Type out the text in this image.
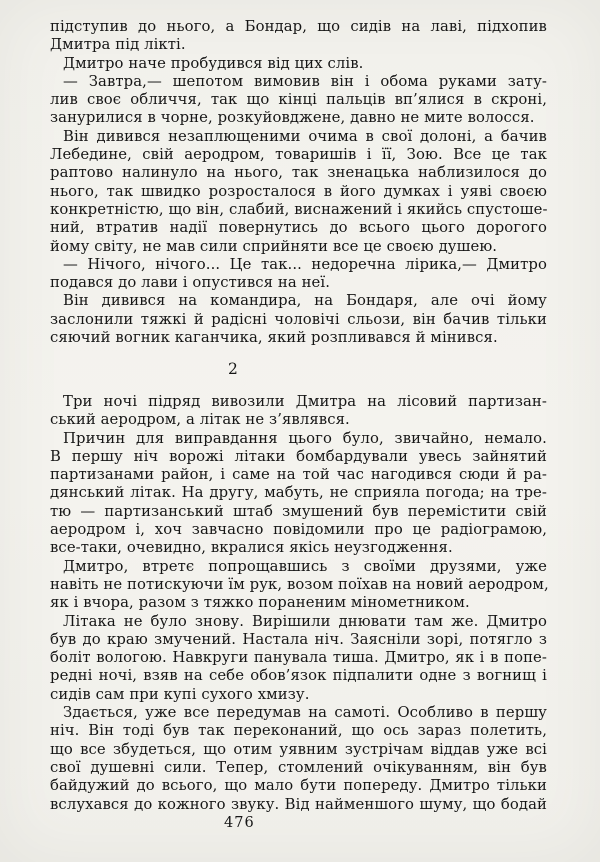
підступив до нього, а Бондар, що сидів на лаві, підхопив
Дмитра під лікті.
Дмитро наче пробудився від цих слів.
— Завтра,— шепотом вимовив він і обома руками зату-
лив своє обличчя, так що кінці пальців вп’ялися в скроні,
занурилися в чорне, розкуйовджене, давно не мите волосся.
Він дивився незаплющеними очима в свої долоні, а бачив
Лебедине, свій аеродром, товаришів і її, Зою. Все це так
раптово налинуло на нього, так зненацька наблизилося до
нього, так швидко розросталося в його думках і уяві своєю
конкретністю, що він, слабий, виснажений і якийсь спустоше-
ний, втратив надії повернутись до всього цього дорогого
йому світу, не мав сили сприйняти все це своєю душею.
— Нічого, нічого... Це так... недоречна лірика,— Дмитро
подався до лави і опустився на неї.
Він дивився на командира, на Бондаря, але очі йому
заслонили тяжкі й радісні чоловічі сльози, він бачив тільки
сяючий вогник каганчика, який розпливався й мінився.
2
Три ночі підряд вивозили Дмитра на лісовий партизан-
ський аеродром, а літак не з’являвся.
Причин для виправдання цього було, звичайно, немало.
В першу ніч ворожі літаки бомбардували увесь зайнятий
партизанами район, і саме на той час нагодився сюди й ра-
дянський літак. На другу, мабуть, не сприяла погода; на тре-
тю — партизанський штаб змушений був перемістити свій
аеродром і, хоч завчасно повідомили про це радіограмою,
все-таки, очевидно, вкралися якісь неузгодження.
Дмитро, втретє попрощавшись з своїми друзями, уже
навіть не потискуючи їм рук, возом поїхав на новий аеродром,
як і вчора, разом з тяжко пораненим мінометником.
Літака не було знову. Вирішили днювати там же. Дмитро
був до краю змучений. Настала ніч. Заясніли зорі, потягло з
боліт вологою. Навкруги панувала тиша. Дмитро, як і в попе-
редні ночі, взяв на себе обов’язок підпалити одне з вогнищ і
сидів сам при купі сухого хмизу.
Здається, уже все передумав на самоті. Особливо в першу
ніч. Він тоді був так переконаний, що ось зараз полетить,
що все збудеться, що отим уявним зустрічам віддав уже всі
свої душевні сили. Тепер, стомлений очікуванням, він був
байдужий до всього, що мало бути попереду. Дмитро тільки
вслухався до кожного звуку. Від найменшого шуму, що бодай
476
